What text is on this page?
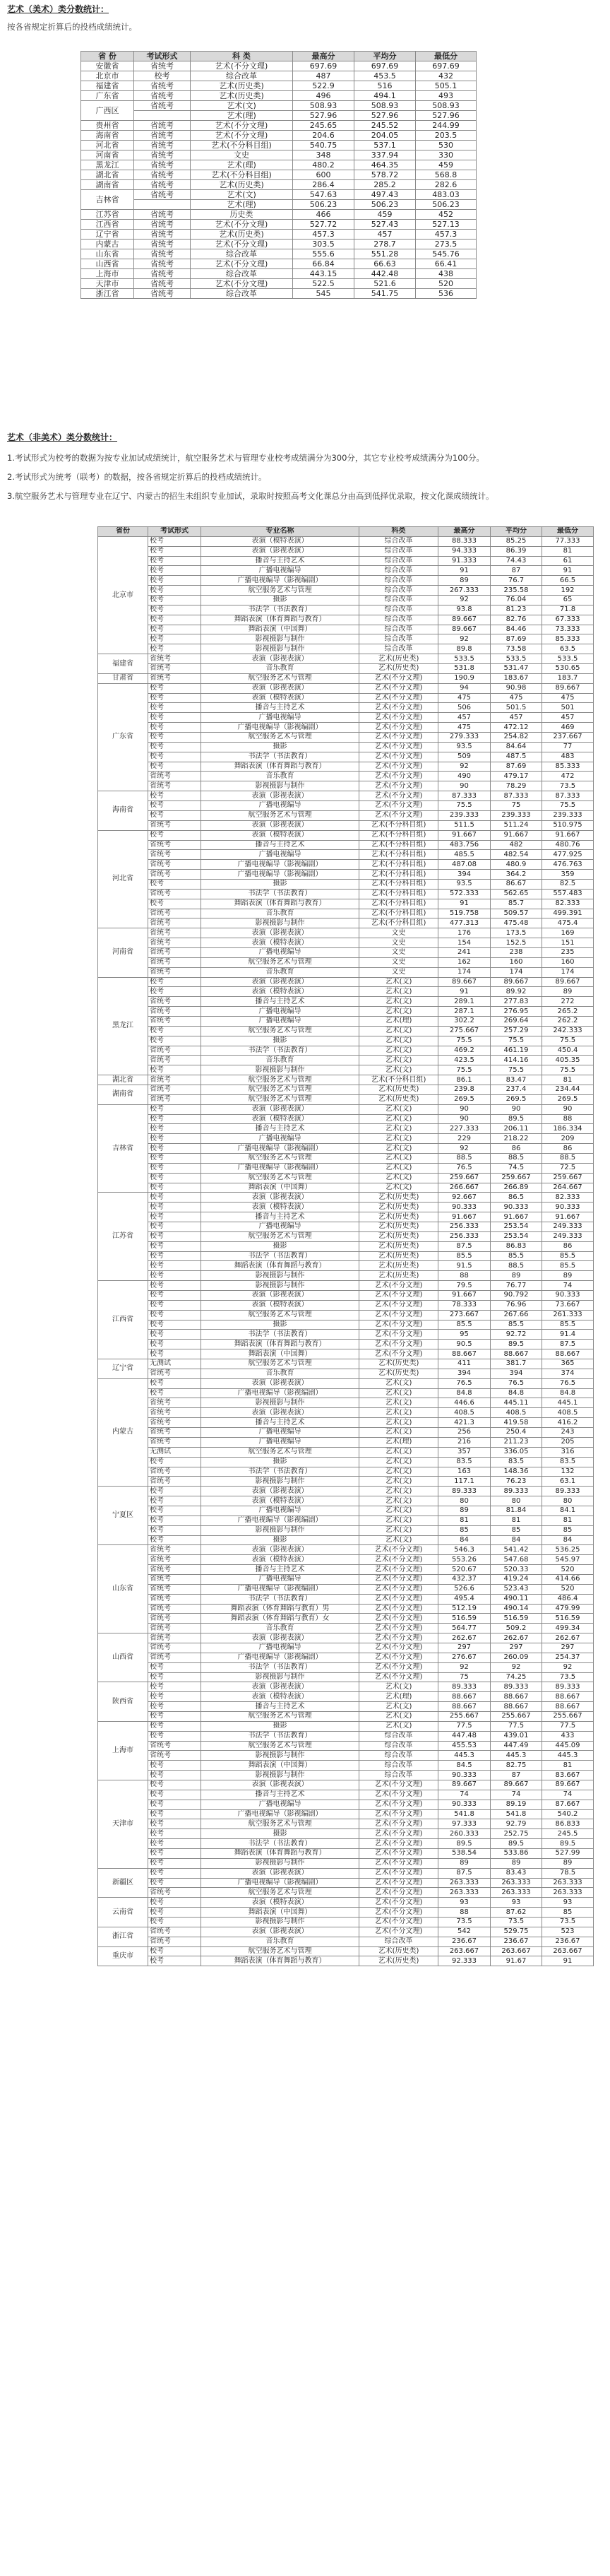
艺术（美术）类分数统计：
按各省规定折算后的投档成绩统计。
省 份	考试形式	科 类	最高分	平均分	最低分
安徽省	省统考	艺术(不分文理)	697.69	697.69	697.69
北京市	校考	综合改革	487	453.5	432
福建省	省统考	艺术(历史类)	522.9	516	505.1
广东省	省统考	艺术(历史类)	496	494.1	493
广西区	省统考	艺术(文)	508.93	508.93	508.93
		艺术(理)	527.96	527.96	527.96
贵州省	省统考	艺术(不分文理)	245.65	245.52	244.99
海南省	省统考	艺术(不分文理)	204.6	204.05	203.5
河北省	省统考	艺术(不分科目组)	540.75	537.1	530
河南省	省统考	文史	348	337.94	330
黑龙江	省统考	艺术(理)	480.2	464.35	459
湖北省	省统考	艺术(不分科目组)	600	578.72	568.8
湖南省	省统考	艺术(历史类)	286.4	285.2	282.6
吉林省	省统考	艺术(文)	547.63	497.43	483.03
		艺术(理)	506.23	506.23	506.23
江苏省	省统考	历史类	466	459	452
江西省	省统考	艺术(不分文理)	527.72	527.43	527.13
辽宁省	省统考	艺术(历史类)	457.3	457	457.3
内蒙古	省统考	艺术(不分文理)	303.5	278.7	273.5
山东省	省统考	综合改革	555.6	551.28	545.76
山西省	省统考	艺术(不分文理)	66.84	66.63	66.41
上海市	省统考	综合改革	443.15	442.48	438
天津市	省统考	艺术(不分文理)	522.5	521.6	520
浙江省	省统考	综合改革	545	541.75	536
艺术（非美术）类分数统计：
1.考试形式为校考的数据为按专业加试成绩统计，航空服务艺术与管理专业校考成绩满分为300分，其它专业校考成绩满分为100分。
2.考试形式为统考（联考）的数据，按各省规定折算后的投档成绩统计。
3.航空服务艺术与管理专业在辽宁、内蒙古的招生未组织专业加试，录取时按照高考文化课总分由高到低择优录取，按文化课成绩统计。
省份	考试形式	专业名称	科类	最高分	平均分	最低分
北京市	校考	表演（模特表演）	综合改革	88.333	85.25	77.333
	校考	表演（影视表演）	综合改革	94.333	86.39	81
	校考	播音与主持艺术	综合改革	91.333	74.43	61
	校考	广播电视编导	综合改革	91	87	91
	校考	广播电视编导（影视编剧）	综合改革	89	76.7	66.5
	校考	航空服务艺术与管理	综合改革	267.333	235.58	192
	校考	摄影	综合改革	92	76.04	65
	校考	书法学（书法教育）	综合改革	93.8	81.23	71.8
	校考	舞蹈表演（体育舞蹈与教育）	综合改革	89.667	82.76	67.333
	校考	舞蹈表演（中国舞）	综合改革	89.667	84.46	73.333
	校考	影视摄影与制作	综合改革	92	87.69	85.333
	校考	影视摄影与制作	综合改革	89.8	73.58	63.5
福建省	省统考	表演（影视表演）	艺术(历史类)	533.5	533.5	533.5
	省统考	音乐教育	艺术(历史类)	531.8	531.47	530.65
甘肃省	省统考	航空服务艺术与管理	艺术(不分文理)	190.9	183.67	183.7
广东省	校考	表演（影视表演）	艺术(不分文理)	94	90.98	89.667
	校考	表演（模特表演）	艺术(不分文理)	475	475	475
	校考	播音与主持艺术	艺术(不分文理)	506	501.5	501
	校考	广播电视编导	艺术(不分文理)	457	457	457
	校考	广播电视编导（影视编剧）	艺术(不分文理)	475	472.12	469
	校考	航空服务艺术与管理	艺术(不分文理)	279.333	254.82	237.667
	校考	摄影	艺术(不分文理)	93.5	84.64	77
	校考	书法学（书法教育）	艺术(不分文理)	509	487.5	483
	校考	舞蹈表演（体育舞蹈与教育）	艺术(不分文理)	92	87.69	85.333
	省统考	音乐教育	艺术(不分文理)	490	479.17	472
	省统考	影视摄影与制作	艺术(不分文理)	90	78.29	73.5
海南省	校考	表演（影视表演）	艺术(不分文理)	87.333	87.333	87.333
	校考	广播电视编导	艺术(不分文理)	75.5	75	75.5
	校考	航空服务艺术与管理	艺术(不分文理)	239.333	239.333	239.333
	省统考	表演（影视表演）	艺术(不分科目组)	511.5	511.24	510.975
河北省	校考	表演（模特表演）	艺术(不分科目组)	91.667	91.667	91.667
	省统考	播音与主持艺术	艺术(不分科目组)	483.756	482	480.76
	省统考	广播电视编导	艺术(不分科目组)	485.5	482.54	477.925
	省统考	广播电视编导（影视编剧）	艺术(不分科目组)	487.08	480.9	476.763
	省统考	广播电视编导（影视编剧）	艺术(不分科目组)	394	364.2	359
	校考	摄影	艺术(不分科目组)	93.5	86.67	82.5
	省统考	书法学（书法教育）	艺术(不分科目组)	572.333	562.65	557.483
	校考	舞蹈表演（体育舞蹈与教育）	艺术(不分科目组)	91	85.7	82.333
	省统考	音乐教育	艺术(不分科目组)	519.758	509.57	499.391
	省统考	影视摄影与制作	艺术(不分科目组)	477.313	475.48	475.4
河南省	省统考	表演（影视表演）	文史	176	173.5	169
	省统考	表演（模特表演）	文史	154	152.5	151
	省统考	广播电视编导	文史	241	238	235
	省统考	航空服务艺术与管理	文史	162	160	160
	省统考	音乐教育	文史	174	174	174
黑龙江	校考	表演（影视表演）	艺术(文)	89.667	89.667	89.667
	校考	表演（模特表演）	艺术(文)	91	89.92	89
	省统考	播音与主持艺术	艺术(文)	289.1	277.83	272
	省统考	广播电视编导	艺术(文)	287.1	276.95	265.2
	省统考	广播电视编导	艺术(理)	302.2	269.64	262.2
	校考	航空服务艺术与管理	艺术(文)	275.667	257.29	242.333
	校考	摄影	艺术(文)	75.5	75.5	75.5
	省统考	书法学（书法教育）	艺术(文)	469.2	461.19	450.4
	省统考	音乐教育	艺术(文)	423.5	414.16	405.35
	校考	影视摄影与制作	艺术(文)	75.5	75.5	75.5
湖北省	省统考	航空服务艺术与管理	艺术(不分科目组)	86.1	83.47	81
湖南省	省统考	航空服务艺术与管理	艺术(历史类)	239.8	237.4	234.44
	省统考	航空服务艺术与管理	艺术(历史类)	269.5	269.5	269.5
吉林省	校考	表演（影视表演）	艺术(文)	90	90	90
	校考	表演（模特表演）	艺术(文)	90	89.5	88
	校考	播音与主持艺术	艺术(文)	227.333	206.11	186.334
	校考	广播电视编导	艺术(文)	229	218.22	209
	校考	广播电视编导（影视编剧）	艺术(文)	92	86	86
	校考	航空服务艺术与管理	艺术(文)	88.5	88.5	88.5
	校考	广播电视编导（影视编剧）	艺术(文)	76.5	74.5	72.5
	校考	航空服务艺术与管理	艺术(文)	259.667	259.667	259.667
	校考	舞蹈表演（中国舞）	艺术(文)	266.667	266.89	264.667
江苏省	校考	表演（影视表演）	艺术(历史类)	92.667	86.5	82.333
	校考	表演（模特表演）	艺术(历史类)	90.333	90.333	90.333
	校考	播音与主持艺术	艺术(历史类)	91.667	91.667	91.667
	校考	广播电视编导	艺术(历史类)	256.333	253.54	249.333
	校考	航空服务艺术与管理	艺术(历史类)	256.333	253.54	249.333
	校考	摄影	艺术(历史类)	87.5	86.83	86
	校考	书法学（书法教育）	艺术(历史类)	85.5	85.5	85.5
	校考	舞蹈表演（体育舞蹈与教育）	艺术(历史类)	91.5	88.5	85.5
	校考	影视摄影与制作	艺术(历史类)	88	89	89
江西省	校考	影视摄影与制作	艺术(不分文理)	79.5	76.77	74
	校考	表演（影视表演）	艺术(不分文理)	91.667	90.792	90.333
	校考	表演（模特表演）	艺术(不分文理)	78.333	76.96	73.667
	校考	航空服务艺术与管理	艺术(不分文理)	273.667	267.66	261.333
	校考	摄影	艺术(不分文理)	85.5	85.5	85.5
	校考	书法学（书法教育）	艺术(不分文理)	95	92.72	91.4
	校考	舞蹈表演（体育舞蹈与教育）	艺术(不分文理)	90.5	89.5	87.5
	校考	舞蹈表演（中国舞）	艺术(不分文理)	88.667	88.667	88.667
辽宁省	无测试	航空服务艺术与管理	艺术(历史类)	411	381.7	365
	省统考	音乐教育	艺术(历史类)	394	394	374
内蒙古	校考	表演（影视表演）	艺术(文)	76.5	76.5	76.5
	校考	广播电视编导（影视编剧）	艺术(文)	84.8	84.8	84.8
	省统考	影视摄影与制作	艺术(文)	446.6	445.11	445.1
	省统考	表演（影视表演）	艺术(文)	408.5	408.5	408.5
	省统考	播音与主持艺术	艺术(文)	421.3	419.58	416.2
	省统考	广播电视编导	艺术(文)	256	250.4	243
	省统考	广播电视编导	艺术(理)	216	211.23	205
	无测试	航空服务艺术与管理	艺术(文)	357	336.05	316
	校考	摄影	艺术(文)	83.5	83.5	83.5
	省统考	书法学（书法教育）	艺术(文)	163	148.36	132
	省统考	影视摄影与制作	艺术(文)	117.1	76.23	63.1
宁夏区	校考	表演（影视表演）	艺术(文)	89.333	89.333	89.333
	校考	表演（模特表演）	艺术(文)	80	80	80
	校考	广播电视编导	艺术(文)	89	81.84	84.1
	校考	广播电视编导（影视编剧）	艺术(文)	81	81	81
	校考	影视摄影与制作	艺术(文)	85	85	85
	校考	摄影	艺术(文)	84	84	84
山东省	省统考	表演（影视表演）	艺术(不分文理)	546.3	541.42	536.25
	省统考	表演（模特表演）	艺术(不分文理)	553.26	547.68	545.97
	省统考	播音与主持艺术	艺术(不分文理)	520.67	520.33	520
	省统考	广播电视编导	艺术(不分文理)	432.37	419.24	414.66
	省统考	广播电视编导（影视编剧）	艺术(不分文理)	526.6	523.43	520
	省统考	书法学（书法教育）	艺术(不分文理)	495.4	490.11	486.4
	省统考	舞蹈表演（体育舞蹈与教育）男	艺术(不分文理)	512.19	490.14	479.99
	省统考	舞蹈表演（体育舞蹈与教育）女	艺术(不分文理)	516.59	516.59	516.59
	省统考	音乐教育	艺术(不分文理)	564.77	509.2	499.34
山西省	省统考	表演（影视表演）	艺术(不分文理)	262.67	262.67	262.67
	省统考	广播电视编导	艺术(不分文理)	297	297	297
	省统考	广播电视编导（影视编剧）	艺术(不分文理)	276.67	260.09	254.37
	校考	书法学（书法教育）	艺术(不分文理)	92	92	92
	校考	影视摄影与制作	艺术(不分文理)	75	74.25	73.5
陕西省	校考	表演（影视表演）	艺术(文)	89.333	89.333	89.333
	校考	表演（模特表演）	艺术(理)	88.667	88.667	88.667
	校考	播音与主持艺术	艺术(文)	88.667	88.667	88.667
	校考	航空服务艺术与管理	艺术(文)	255.667	255.667	255.667
上海市	校考	摄影	艺术(文)	77.5	77.5	77.5
	校考	书法学（书法教育）	综合改革	447.48	439.01	433
	省统考	航空服务艺术与管理	综合改革	455.53	447.49	445.09
	省统考	影视摄影与制作	综合改革	445.3	445.3	445.3
	校考	舞蹈表演（中国舞）	综合改革	84.5	82.75	81
	校考	影视摄影与制作	综合改革	90.333	87	83.667
天津市	校考	表演（影视表演）	艺术(不分文理)	89.667	89.667	89.667
	校考	播音与主持艺术	艺术(不分文理)	74	74	74
	校考	广播电视编导	艺术(不分文理)	90.333	89.19	87.667
	校考	广播电视编导（影视编剧）	艺术(不分文理)	541.8	541.8	540.2
	校考	航空服务艺术与管理	艺术(不分文理)	97.333	92.79	86.833
	校考	摄影	艺术(不分文理)	260.333	252.75	245.5
	校考	书法学（书法教育）	艺术(不分文理)	89.5	89.5	89.5
	校考	舞蹈表演（体育舞蹈与教育）	艺术(不分文理)	538.54	533.86	527.99
	校考	影视摄影与制作	艺术(不分文理)	89	89	89
新疆区	校考	表演（影视表演）	艺术(不分文理)	87.5	83.43	78.5
	校考	广播电视编导（影视编剧）	艺术(不分文理)	263.333	263.333	263.333
	省统考	航空服务艺术与管理	艺术(不分文理)	263.333	263.333	263.333
云南省	校考	表演（模特表演）	艺术(不分文理)	93	93	93
	校考	舞蹈表演（中国舞）	艺术(不分文理)	88	87.62	85
	校考	影视摄影与制作	艺术(不分文理)	73.5	73.5	73.5
浙江省	省统考	表演（影视表演）	艺术(不分文理)	542	529.75	523
	省统考	音乐教育	综合改革	236.67	236.67	236.67
重庆市	校考	航空服务艺术与管理	艺术(历史类)	263.667	263.667	263.667
	校考	舞蹈表演（体育舞蹈与教育）	艺术(历史类)	92.333	91.67	91
